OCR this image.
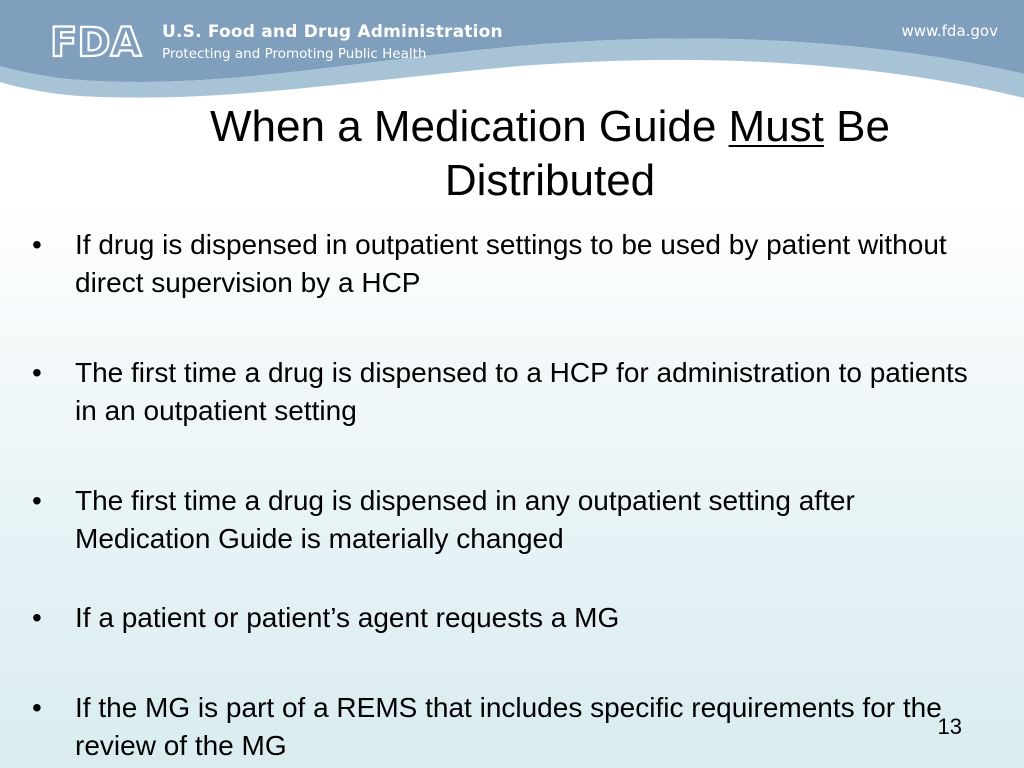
FDA U.S. Food and Drug Administration
Protecting and Promoting Public Health
www.fda.gov
When a Medication Guide Must Be Distributed
•	If drug is dispensed in outpatient settings to be used by patient without direct supervision by a HCP
•	The first time a drug is dispensed to a HCP for administration to patients in an outpatient setting
•	The first time a drug is dispensed in any outpatient setting after Medication Guide is materially changed
•	If a patient or patient’s agent requests a MG
•	If the MG is part of a REMS that includes specific requirements for the review of the MG
13
